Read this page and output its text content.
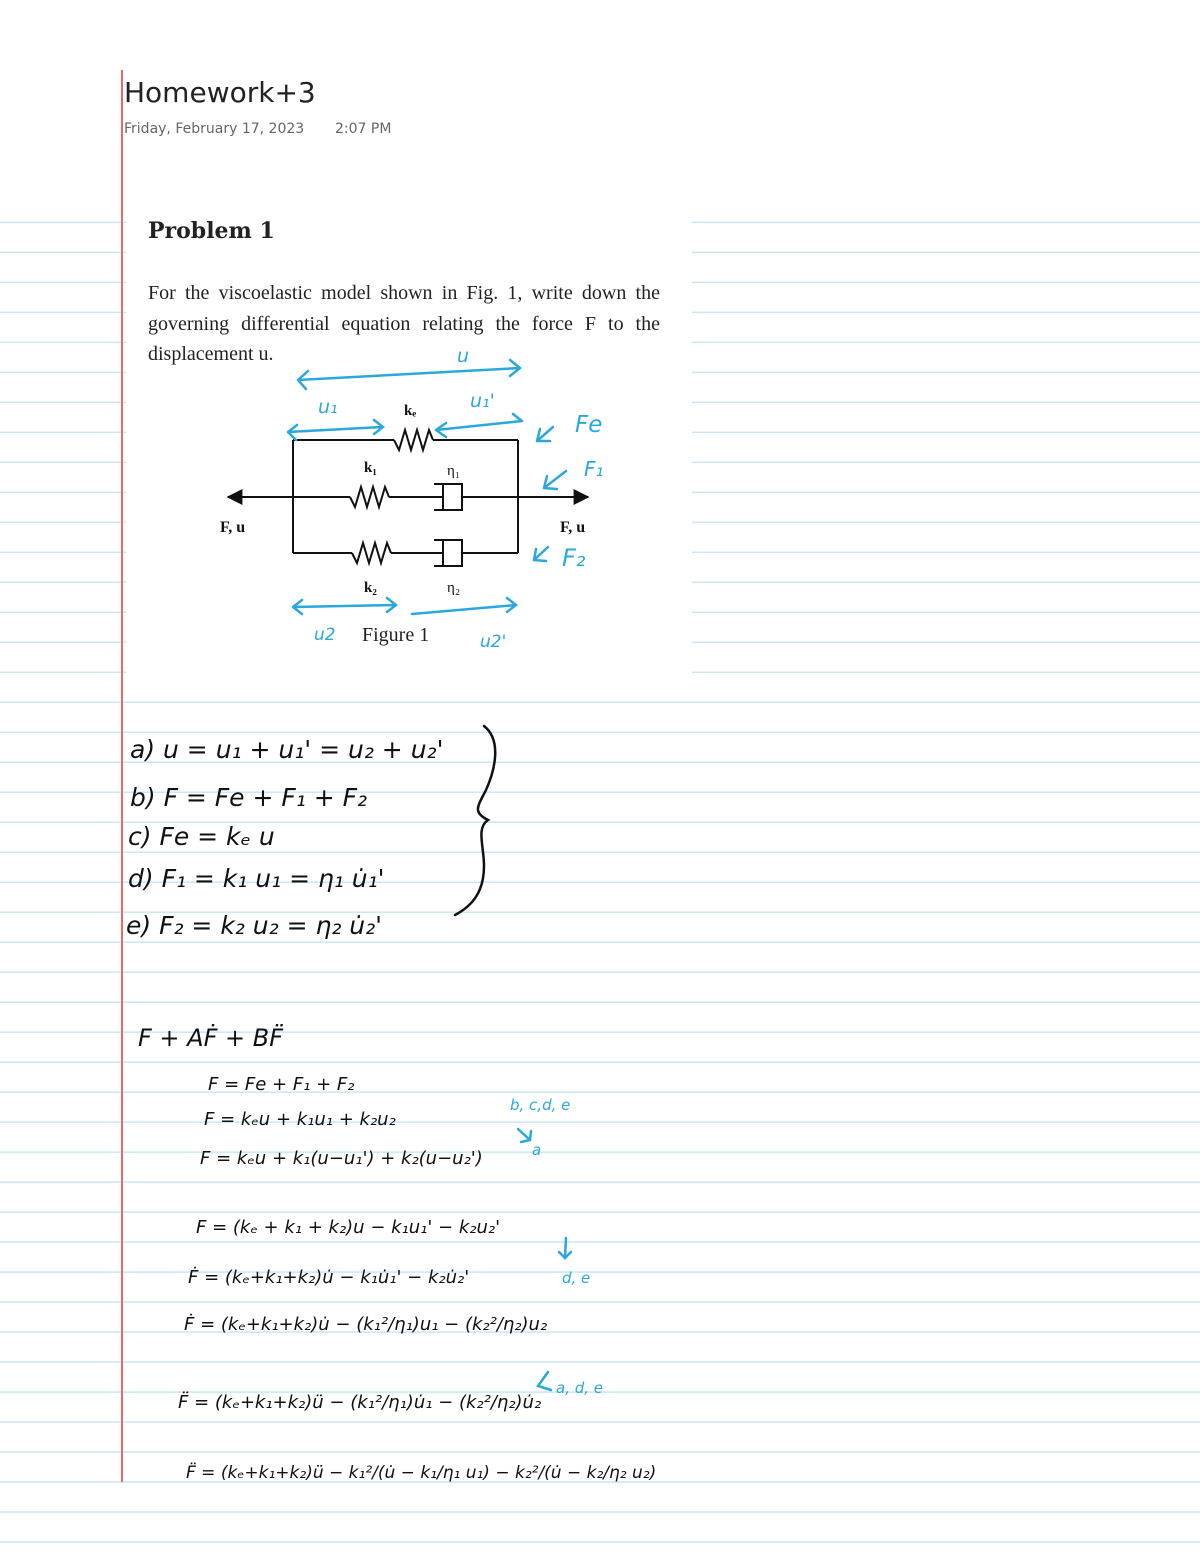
Homework+3
Friday, February 17, 2023 2:07 PM
Problem 1
For the viscoelastic model shown in Fig. 1, write down the governing differential equation relating the force F to the displacement u.
kₑ
k₁	η₁
k₂	η₂
F, u	F, u
Figure 1
u
u₁	u₁'
Fe
F₁
F₂
u2	u2'
b, c,d, e
a
d, e
a, d, e
a) u = u₁ + u₁' = u₂ + u₂'
b) F = Fe + F₁ + F₂
c) Fe = kₑ u
d) F₁ = k₁ u₁ = η₁ u̇₁'
e) F₂ = k₂ u₂ = η₂ u̇₂'
F + AḞ + BF̈
F = Fe + F₁ + F₂
F = kₑu + k₁u₁ + k₂u₂
F = kₑu + k₁(u−u₁') + k₂(u−u₂')
F = (kₑ + k₁ + k₂)u − k₁u₁' − k₂u₂'
Ḟ = (kₑ+k₁+k₂)u̇ − k₁u̇₁' − k₂u̇₂'
Ḟ = (kₑ+k₁+k₂)u̇ − (k₁²/η₁)u₁ − (k₂²/η₂)u₂
F̈ = (kₑ+k₁+k₂)ü − (k₁²/η₁)u̇₁ − (k₂²/η₂)u̇₂
F̈ = (kₑ+k₁+k₂)ü − k₁²/(u̇ − k₁/η₁ u₁) − k₂²/(u̇ − k₂/η₂ u₂)
